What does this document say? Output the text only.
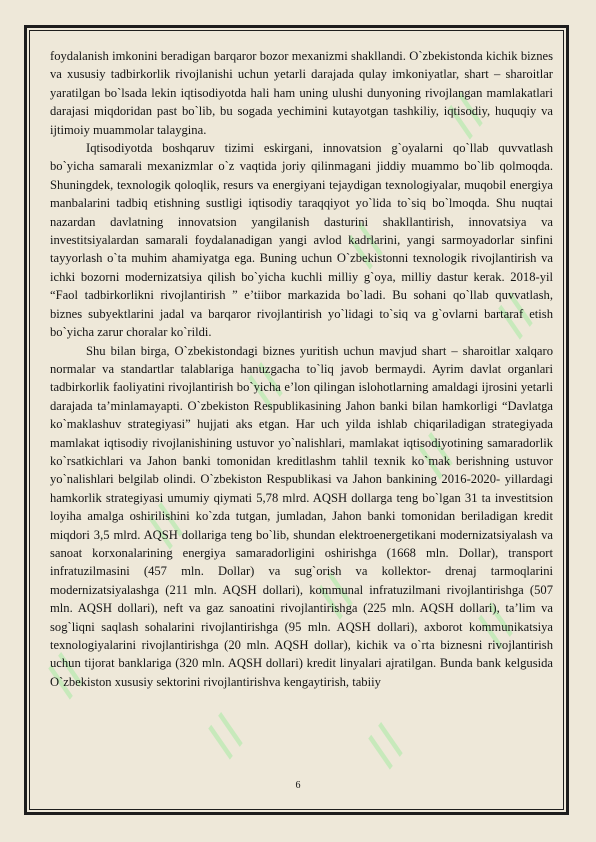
//
//
//
//
//
//
//
//
//
//
//

foydalanish imkonini beradigan barqaror bozor mexanizmi shakllandi. O`zbekistonda kichik biznes va xususiy tadbirkorlik rivojlanishi uchun yetarli darajada qulay imkoniyatlar, shart – sharoitlar yaratilgan bo`lsada lekin iqtisodiyotda hali ham uning ulushi dunyoning rivojlangan mamlakatlari darajasi miqdoridan past bo`lib, bu sogada yechimini kutayotgan tashkiliy, iqtisodiy, huquqiy va ijtimoiy muammolar talaygina.

Iqtisodiyotda boshqaruv tizimi eskirgani, innovatsion g`oyalarni qo`llab quvvatlash bo`yicha samarali mexanizmlar o`z vaqtida joriy qilinmagani jiddiy muammo bo`lib qolmoqda. Shuningdek, texnologik qoloqlik, resurs va energiyani tejaydigan texnologiyalar, muqobil energiya manbalarini tadbiq etishning sustligi iqtisodiy taraqqiyot yo`lida to`siq bo`lmoqda. Shu nuqtai nazardan davlatning innovatsion yangilanish dasturini shakllantirish, innovatsiya va investitsiyalardan samarali foydalanadigan yangi avlod kadrlarini, yangi sarmoyadorlar sinfini tayyorlash o`ta muhim ahamiyatga ega. Buning uchun O`zbekistonni texnologik rivojlantirish va ichki bozorni modernizatsiya qilish bo`yicha kuchli milliy g`oya, milliy dastur kerak. 2018-yil “Faol tadbirkorlikni rivojlantirish ” e’tiibor markazida bo`ladi. Bu sohani qo`llab quvvatlash, biznes subyektlarini jadal va barqaror rivojlantirish yo`lidagi to`siq va g`ovlarni bartaraf etish bo`yicha zarur choralar ko`rildi.

Shu bilan birga, O`zbekistondagi biznes yuritish uchun mavjud shart – sharoitlar xalqaro normalar va standartlar talablariga hanuzgacha to`liq javob bermaydi. Ayrim davlat organlari tadbirkorlik faoliyatini rivojlantirish bo`yicha e’lon qilingan islohotlarning amaldagi ijrosini yetarli darajada ta’minlamayapti. O`zbekiston Respublikasining Jahon banki bilan hamkorligi “Davlatga ko`maklashuv strategiyasi” hujjati aks etgan. Har uch yilda ishlab chiqariladigan strategiyada mamlakat iqtisodiy rivojlanishining ustuvor yo`nalishlari, mamlakat iqtisodiyotining samaradorlik ko`rsatkichlari va Jahon banki tomonidan kreditlashm tahlil texnik ko`mak berishning ustuvor yo`nalishlari belgilab olindi. O`zbekiston Respublikasi va Jahon bankining 2016-2020- yillardagi hamkorlik strategiyasi umumiy qiymati 5,78 mlrd. AQSH dollarga teng bo`lgan 31 ta investitsion loyiha amalga oshirilishini ko`zda tutgan, jumladan, Jahon banki tomonidan beriladigan kredit miqdori 3,5 mlrd. AQSH dollariga teng bo`lib, shundan elektroenergetikani modernizatsiyalash va sanoat korxonalarining energiya samaradorligini oshirishga (1668 mln. Dollar), transport infratuzilmasini (457 mln. Dollar) va sug`orish va kollektor- drenaj tarmoqlarini modernizatsiyalashga (211 mln. AQSH dollari), kommunal infratuzilmani rivojlantirishga (507 mln. AQSH dollari), neft va gaz sanoatini rivojlantirishga (225 mln. AQSH dollari), ta’lim va sog`liqni saqlash sohalarini rivojlantirishga (95 mln. AQSH dollari), axborot kommunikatsiya texnologiyalarini rivojlantirishga (20 mln. AQSH dollar), kichik va o`rta biznesni rivojlantirish uchun tijorat banklariga (320 mln. AQSH dollari) kredit linyalari ajratilgan. Bunda bank kelgusida O`zbekiston xususiy sektorini rivojlantirishva kengaytirish, tabiiy

6
